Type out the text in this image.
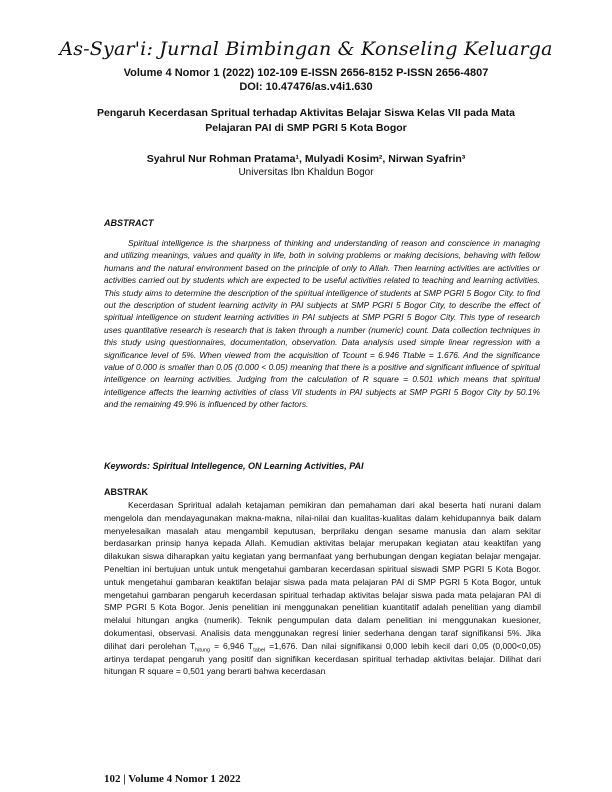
As-Syar'i: Jurnal Bimbingan & Konseling Keluarga
Volume 4 Nomor 1 (2022) 102-109 E-ISSN 2656-8152 P-ISSN 2656-4807
DOI: 10.47476/as.v4i1.630
Pengaruh Kecerdasan Spritual terhadap Aktivitas Belajar Siswa Kelas VII pada Mata
Pelajaran PAI di SMP PGRI 5 Kota Bogor
Syahrul Nur Rohman Pratama¹, Mulyadi Kosim², Nirwan Syafrin³
Universitas Ibn Khaldun Bogor
ABSTRACT
Spiritual intelligence is the sharpness of thinking and understanding of reason and conscience in managing and utilizing meanings, values and quality in life, both in solving problems or making decisions, behaving with fellow humans and the natural environment based on the principle of only to Allah. Then learning activities are activities or activities carried out by students which are expected to be useful activities related to teaching and learning activities. This study aims to determine the description of the spiritual intelligence of students at SMP PGRI 5 Bogor City. to find out the description of student learning activity in PAI subjects at SMP PGRI 5 Bogor City, to describe the effect of spiritual intelligence on student learning activities in PAI subjects at SMP PGRI 5 Bogor City. This type of research uses quantitative research is research that is taken through a number (numeric) count. Data collection techniques in this study using questionnaires, documentation, observation. Data analysis used simple linear regression with a significance level of 5%. When viewed from the acquisition of Tcount = 6.946 Ttable = 1.676. And the significance value of 0.000 is smaller than 0.05 (0.000 < 0.05) meaning that there is a positive and significant influence of spiritual intelligence on learning activities. Judging from the calculation of R square = 0.501 which means that spiritual intelligence affects the learning activities of class VII students in PAI subjects at SMP PGRI 5 Bogor City by 50.1% and the remaining 49.9% is influenced by other factors.
Keywords: Spiritual Intellegence, ON Learning Activities, PAI
ABSTRAK
Kecerdasan Spriritual adalah ketajaman pemikiran dan pemahaman dari akal beserta hati nurani dalam mengelola dan mendayagunakan makna-makna, nilai-nilai dan kualitas-kualitas dalam kehidupannya baik dalam menyelesaikan masalah atau mengambil keputusan, berprilaku dengan sesame manusia dan alam sekitar berdasarkan prinsip hanya kepada Allah. Kemudian aktivitas belajar merupakan kegiatan atau keaktifan yang dilakukan siswa diharapkan yaitu kegiatan yang bermanfaat yang berhubungan dengan kegiatan belajar mengajar. Peneltian ini bertujuan untuk untuk mengetahui gambaran kecerdasan spiritual siswadi SMP PGRI 5 Kota Bogor. untuk mengetahui gambaran keaktifan belajar siswa pada mata pelajaran PAI di SMP PGRI 5 Kota Bogor, untuk mengetahui gambaran pengaruh kecerdasan spiritual terhadap aktivitas belajar siswa pada mata pelajaran PAI di SMP PGRI 5 Kota Bogor. Jenis penelitian ini menggunakan penelitian kuantitatif adalah penelitian yang diambil melalui hitungan angka (numerik). Teknik pengumpulan data dalam penelitian ini menggunakan kuesioner, dokumentasi, observasi. Analisis data menggunakan regresi linier sederhana dengan taraf signifikansi 5%. Jika dilihat dari perolehan $T_{hitung} = 6,946$ $T_{tabel} =1,676$. Dan nilai signifikansi 0,000 lebih kecil dari 0,05 (0,000<0,05) artinya terdapat pengaruh yang positif dan signifikan kecerdasan spiritual terhadap aktivitas belajar. Dilihat dari hitungan R square = 0,501 yang berarti bahwa kecerdasan
102 | Volume 4 Nomor 1 2022
